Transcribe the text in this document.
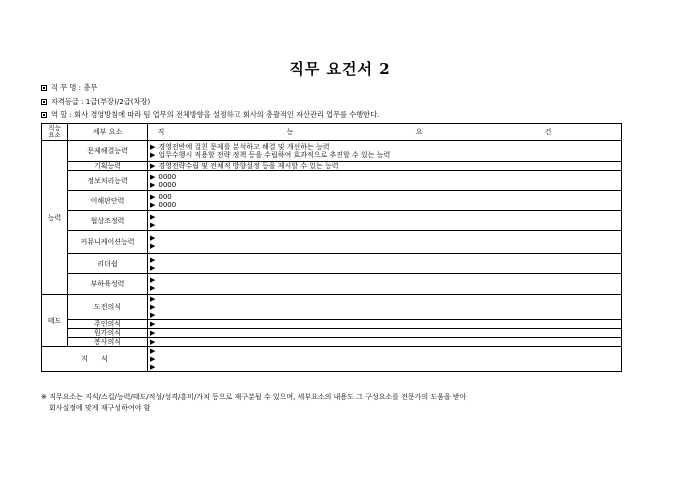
직무 요건서 2
직 무 명 : 총무
자격등급 : 1급(부장)/2급(차장)
역 할 : 회사 경영방침에 따라 팀 업무의 전체방향을 설정하고 회사의 총괄적인 자산관리 업무를 수행한다.
직능
요소	세부 요소	직 능 요 건
능력	문제해결능력	▶ 경영전반에 걸친 문제를 분석하고 해결 및 개선하는 능력
▶ 업무수행시 적용할 전략 정책 등을 수립하여 효과적으로 추진할 수 있는 능력

	기획능력	▶ 경영전략수립 및 전체적 방향설정 등을 제시할 수 있는 능력

	정보처리능력	▶ 0000
▶ 0000

	이해판단력	▶ 000
▶ 0000

	협상조정력	▶
▶

	커뮤니케이션능력	▶
▶

	리더쉽	▶
▶

	부하육성력	▶
▶

태도	도전의식	▶
▶
▶

	주인의식	▶

	원가의식	▶

	봉사의식	▶

지      식		▶
▶
▶
※ 직무요소는 지식/스킬/능력/태도/적성/성격/흥미/가치 등으로 재구분될 수 있으며, 세부요소의 내용도 그 구성요소를 전문가의 도움을 받아
회사실정에 맞게 재구성하여야 함
